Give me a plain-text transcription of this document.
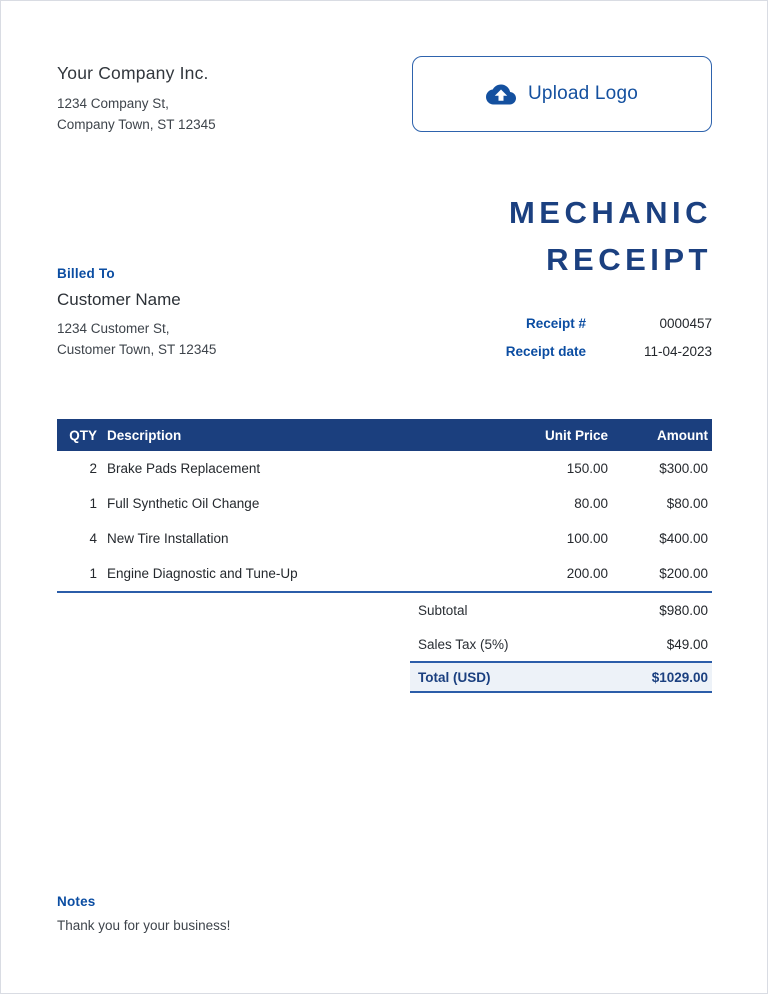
Your Company Inc.
1234 Company St,
Company Town, ST 12345
Upload Logo
Billed To
Customer Name
1234 Customer St,
Customer Town, ST 12345
MECHANIC
RECEIPT
Receipt #	0000457
Receipt date	11-04-2023
QTY Description	Unit Price	Amount
2 Brake Pads Replacement	150.00	$300.00
1 Full Synthetic Oil Change	80.00	$80.00
4 New Tire Installation	100.00	$400.00
1 Engine Diagnostic and Tune-Up	200.00	$200.00
Subtotal	$980.00
Sales Tax (5%)	$49.00
Total (USD)	$1029.00
Notes
Thank you for your business!
